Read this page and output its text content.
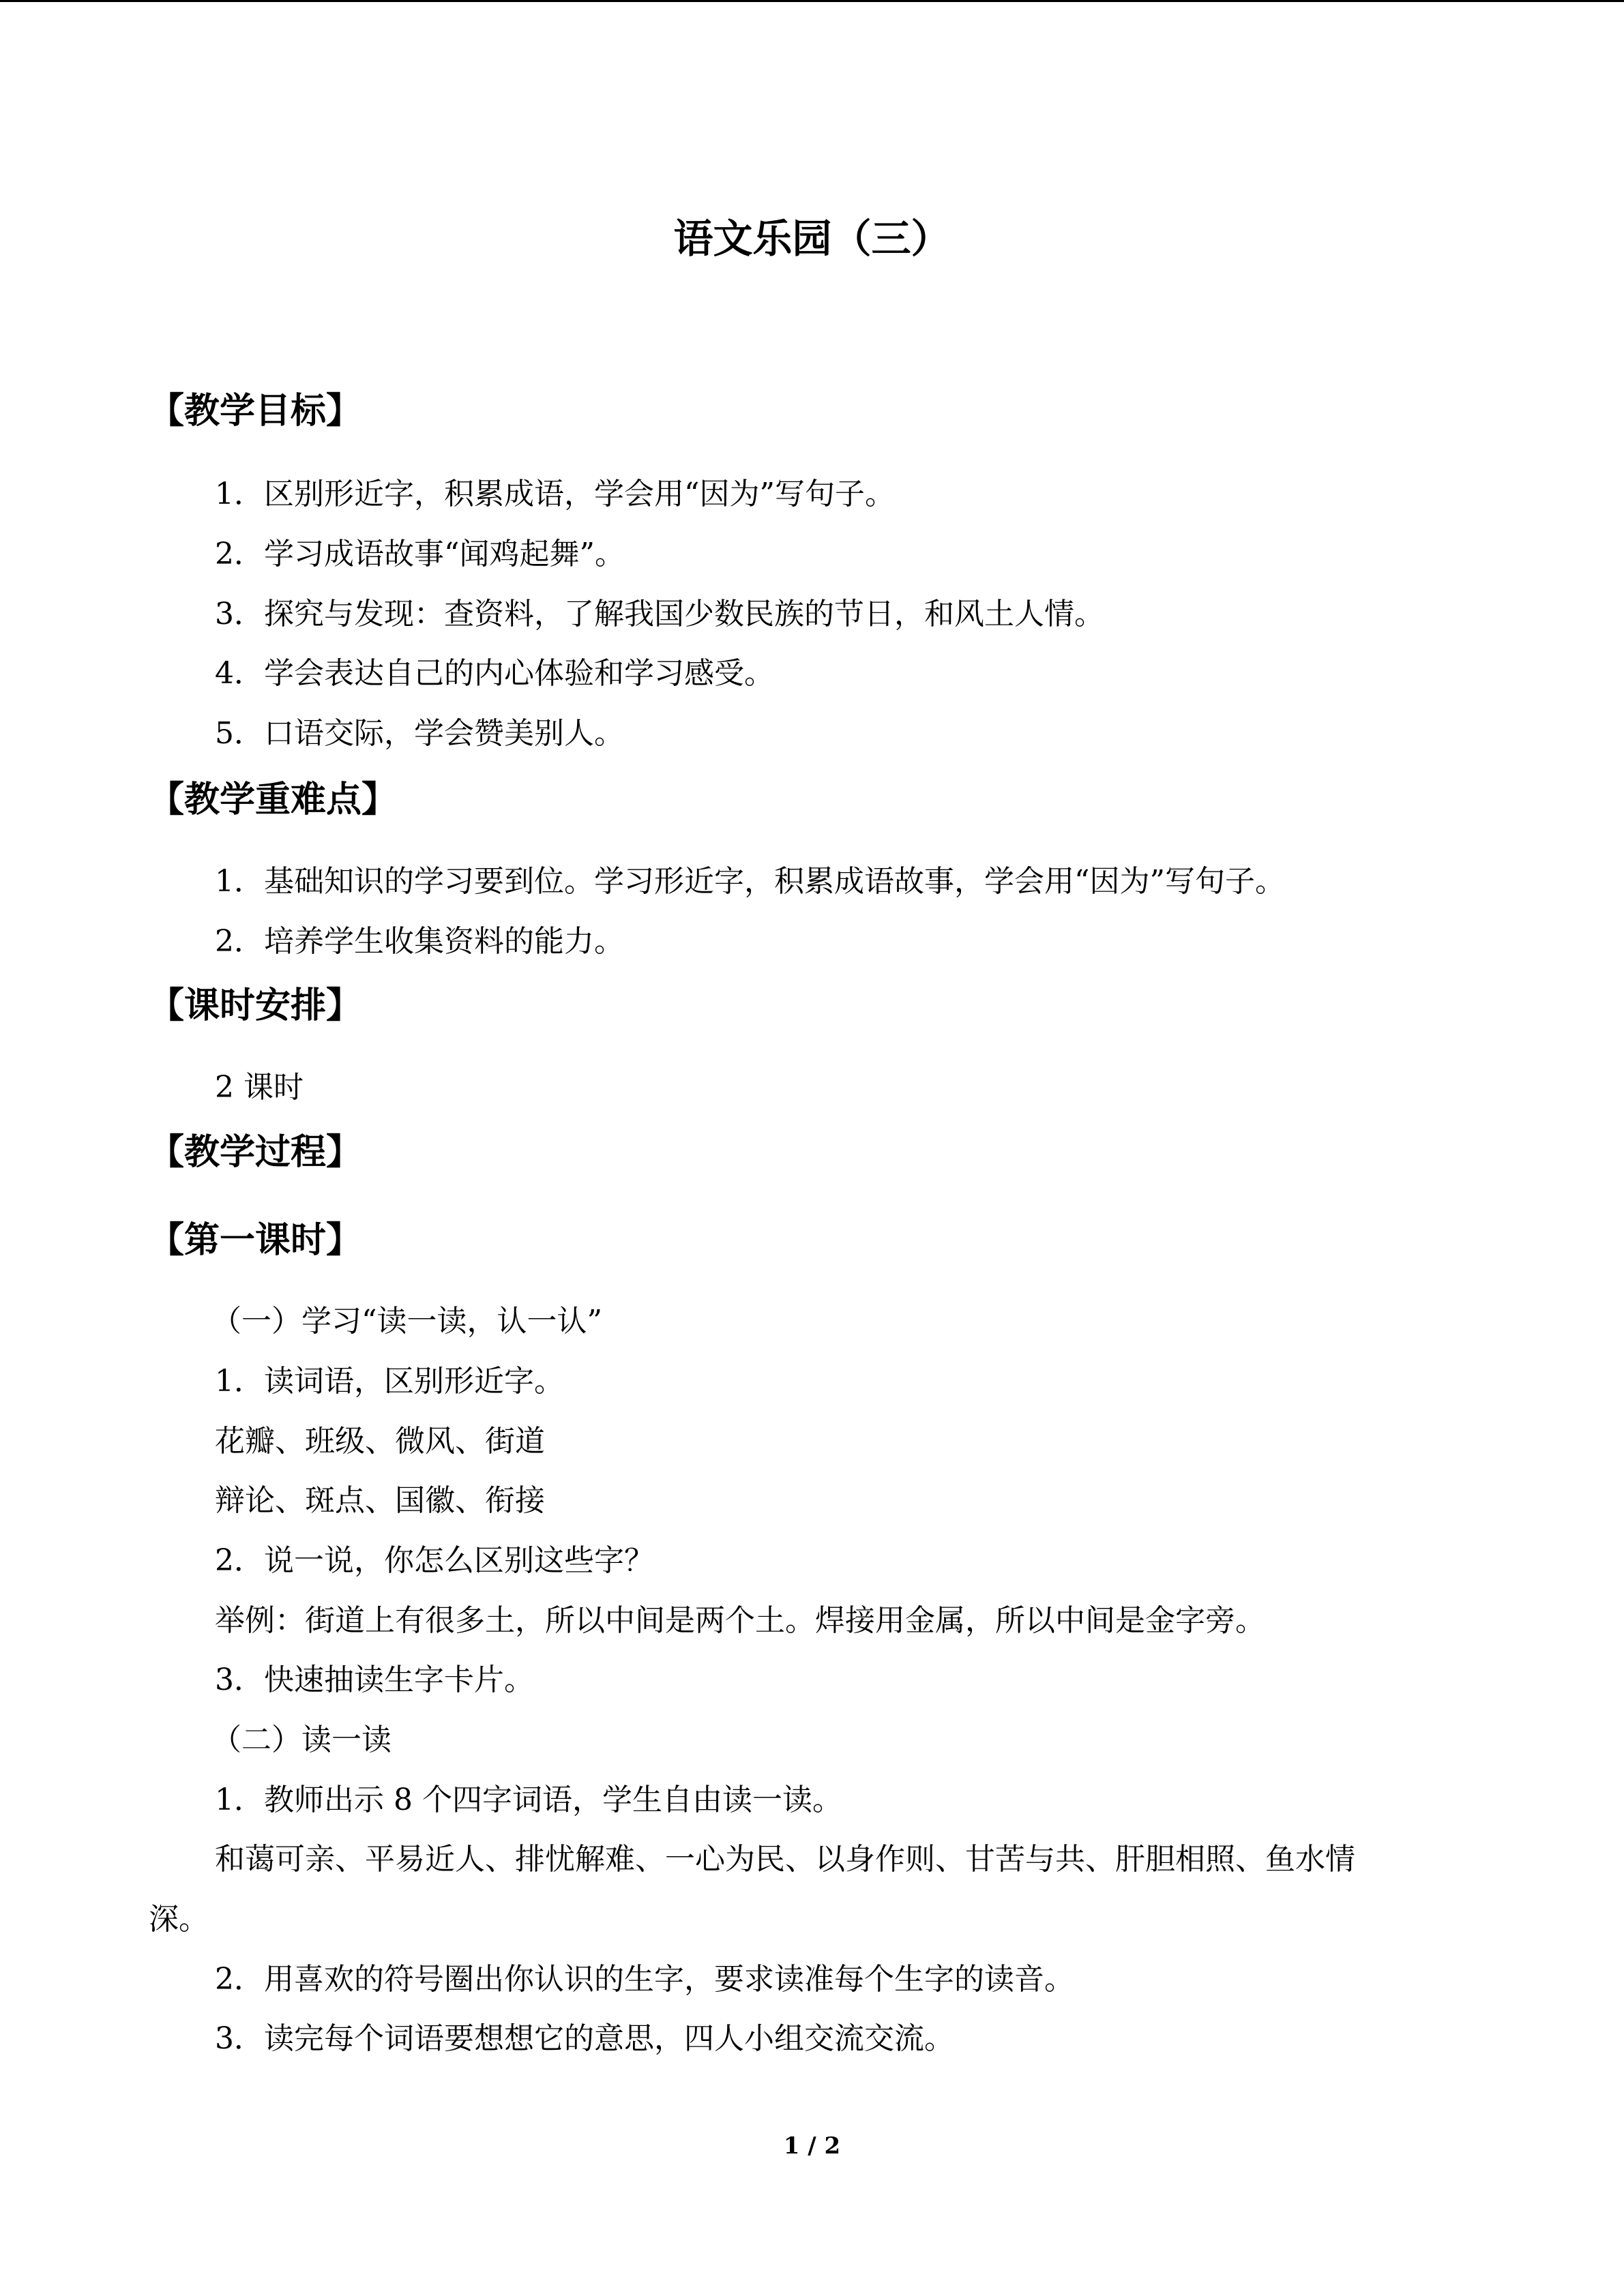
语文乐园（三）
【教学目标】
1．区别形近字，积累成语，学会用“因为”写句子。
2．学习成语故事“闻鸡起舞”。
3．探究与发现：查资料，了解我国少数民族的节日，和风土人情。
4．学会表达自己的内心体验和学习感受。
5．口语交际，学会赞美别人。
【教学重难点】
1．基础知识的学习要到位。学习形近字，积累成语故事，学会用“因为”写句子。
2．培养学生收集资料的能力。
【课时安排】
2 课时
【教学过程】
【第一课时】
（一）学习“读一读，认一认”
1．读词语，区别形近字。
花瓣、班级、微风、街道
辩论、斑点、国徽、衔接
2．说一说，你怎么区别这些字？
举例：街道上有很多土，所以中间是两个土。焊接用金属，所以中间是金字旁。
3．快速抽读生字卡片。
（二）读一读
1．教师出示 8 个四字词语，学生自由读一读。
和蔼可亲、平易近人、排忧解难、一心为民、以身作则、甘苦与共、肝胆相照、鱼水情
深。
2．用喜欢的符号圈出你认识的生字，要求读准每个生字的读音。
3．读完每个词语要想想它的意思，四人小组交流交流。
1 / 2
